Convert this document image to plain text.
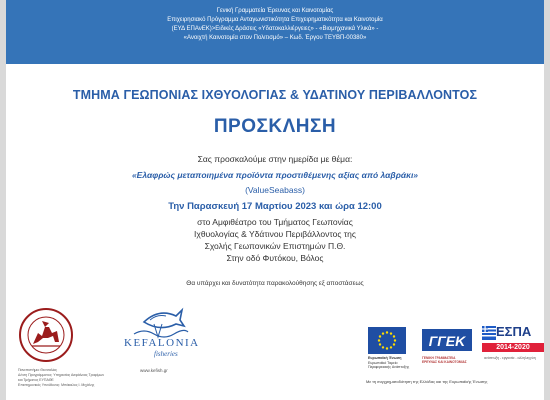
Γενική Γραμματεία Έρευνας και Καινοτομίας
Επιχειρησιακό Πρόγραμμα Ανταγωνιστικότητα Επιχειρηματικότητα και Καινοτομία
(ΕΥΔ ΕΠΑνΕΚ)>Ειδικές Δράσεις «Υδατοκαλλιέργειες» - «Βιομηχανικά Υλικά» -
«Ανοιχτή Καινοτομία στον Πολιτισμό» – Κωδ. Έργου ΤΕΥΒΠ-00380»
ΤΜΗΜΑ ΓΕΩΠΟΝΙΑΣ ΙΧΘΥΟΛΟΓΙΑΣ & ΥΔΑΤΙΝΟΥ ΠΕΡΙΒΑΛΛΟΝΤΟΣ
ΠΡΟΣΚΛΗΣΗ
Σας προσκαλούμε στην ημερίδα με θέμα:
«Ελαφρώς μεταποιημένα προϊόντα προστιθέμενης αξίας από λαβράκι»
(ValueSeabass)
Την Παρασκευή 17 Μαρτίου 2023 και ώρα 12:00
στο Αμφιθέατρο του Τμήματος Γεωπονίας
Ιχθυολογίας & Υδάτινου Περιβάλλοντος της
Σχολής Γεωπονικών Επιστημών Π.Θ.
Στην οδό Φυτόκου, Βόλος
Θα υπάρχει και δυνατότητα παρακολούθησης εξ αποστάσεως
Πανεπιστήμιο Θεσσαλίας
Δ/νση Προγράμματος: Υπηρεσίας Ασφάλειας Τροφίμων
και Τμήματος ΕΥΠΑΘΕ
Επιστημονικός Υπεύθυνος: Μπάκαλος Ι. Μιχάλης
KEFALONIA
fisheries
www.kefish.gr
Ευρωπαϊκή Ένωση
Ευρωπαϊκό Ταμείο
Περιφερειακής Ανάπτυξης
ΓΓΕΚ
ΓΕΝΙΚΗ ΓΡΑΜΜΑΤΕΙΑ
ΕΡΕΥΝΑΣ ΚΑΙ ΚΑΙΝΟΤΟΜΙΑΣ
ΕΣΠΑ
2014-2020
ανάπτυξη - εργασία - αλληλεγγύη
Με τη συγχρηματοδότηση της Ελλάδας και της Ευρωπαϊκής Ένωσης
